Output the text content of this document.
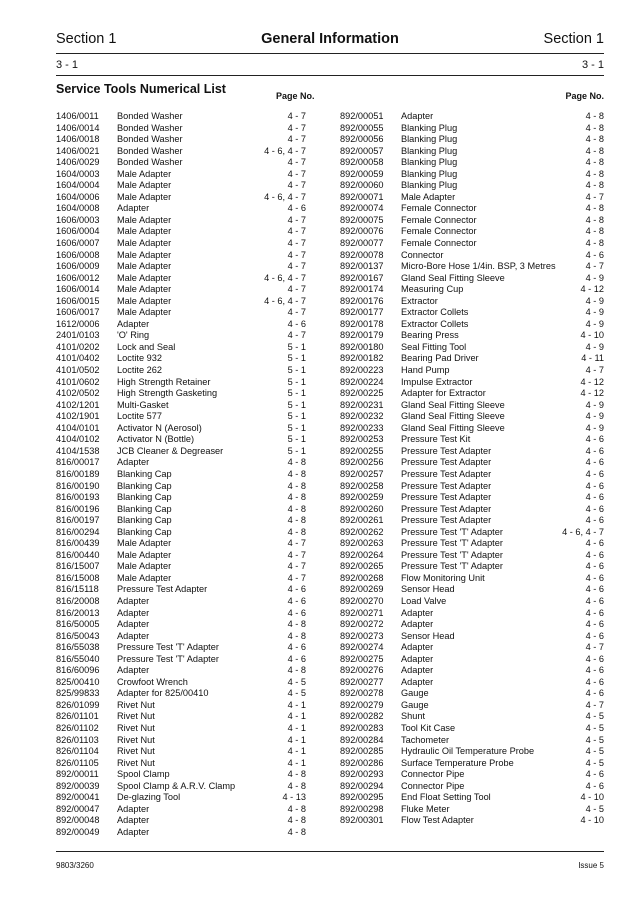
Section 1	General Information	Section 1
3 - 1	3 - 1
Service Tools Numerical List	Page No.	Page No.
1406/0011 Bonded Washer	4 - 7
1406/0014 Bonded Washer	4 - 7
1406/0018 Bonded Washer	4 - 7
1406/0021 Bonded Washer	4 - 6, 4 - 7
1406/0029 Bonded Washer	4 - 7
1604/0003 Male Adapter	4 - 7
1604/0004 Male Adapter	4 - 7
1604/0006 Male Adapter	4 - 6, 4 - 7
1604/0008 Adapter	4 - 6
1606/0003 Male Adapter	4 - 7
1606/0004 Male Adapter	4 - 7
1606/0007 Male Adapter	4 - 7
1606/0008 Male Adapter	4 - 7
1606/0009 Male Adapter	4 - 7
1606/0012 Male Adapter	4 - 6, 4 - 7
1606/0014 Male Adapter	4 - 7
1606/0015 Male Adapter	4 - 6, 4 - 7
1606/0017 Male Adapter	4 - 7
1612/0006 Adapter	4 - 6
2401/0103 'O' Ring	4 - 7
4101/0202 Lock and Seal	5 - 1
4101/0402 Loctite 932	5 - 1
4101/0502 Loctite 262	5 - 1
4101/0602 High Strength Retainer	5 - 1
4102/0502 High Strength Gasketing	5 - 1
4102/1201 Multi-Gasket	5 - 1
4102/1901 Loctite 577	5 - 1
4104/0101 Activator N (Aerosol)	5 - 1
4104/0102 Activator N (Bottle)	5 - 1
4104/1538 JCB Cleaner & Degreaser	5 - 1
816/00017 Adapter	4 - 8
816/00189 Blanking Cap	4 - 8
816/00190 Blanking Cap	4 - 8
816/00193 Blanking Cap	4 - 8
816/00196 Blanking Cap	4 - 8
816/00197 Blanking Cap	4 - 8
816/00294 Blanking Cap	4 - 8
816/00439 Male Adapter	4 - 7
816/00440 Male Adapter	4 - 7
816/15007 Male Adapter	4 - 7
816/15008 Male Adapter	4 - 7
816/15118 Pressure Test Adapter	4 - 6
816/20008 Adapter	4 - 6
816/20013 Adapter	4 - 6
816/50005 Adapter	4 - 8
816/50043 Adapter	4 - 8
816/55038 Pressure Test 'T' Adapter	4 - 6
816/55040 Pressure Test 'T' Adapter	4 - 6
816/60096 Adapter	4 - 8
825/00410 Crowfoot Wrench	4 - 5
825/99833 Adapter for 825/00410	4 - 5
826/01099 Rivet Nut	4 - 1
826/01101 Rivet Nut	4 - 1
826/01102 Rivet Nut	4 - 1
826/01103 Rivet Nut	4 - 1
826/01104 Rivet Nut	4 - 1
826/01105 Rivet Nut	4 - 1
892/00011 Spool Clamp	4 - 8
892/00039 Spool Clamp & A.R.V. Clamp	4 - 8
892/00041 De-glazing Tool	4 - 13
892/00047 Adapter	4 - 8
892/00048 Adapter	4 - 8
892/00049 Adapter	4 - 8
892/00051 Adapter	4 - 8
892/00055 Blanking Plug	4 - 8
892/00056 Blanking Plug	4 - 8
892/00057 Blanking Plug	4 - 8
892/00058 Blanking Plug	4 - 8
892/00059 Blanking Plug	4 - 8
892/00060 Blanking Plug	4 - 8
892/00071 Male Adapter	4 - 7
892/00074 Female Connector	4 - 8
892/00075 Female Connector	4 - 8
892/00076 Female Connector	4 - 8
892/00077 Female Connector	4 - 8
892/00078 Connector	4 - 6
892/00137 Micro-Bore Hose 1/4in. BSP, 3 Metres	4 - 7
892/00167 Gland Seal Fitting Sleeve	4 - 9
892/00174 Measuring Cup	4 - 12
892/00176 Extractor	4 - 9
892/00177 Extractor Collets	4 - 9
892/00178 Extractor Collets	4 - 9
892/00179 Bearing Press	4 - 10
892/00180 Seal Fitting Tool	4 - 9
892/00182 Bearing Pad Driver	4 - 11
892/00223 Hand Pump	4 - 7
892/00224 Impulse Extractor	4 - 12
892/00225 Adapter for Extractor	4 - 12
892/00231 Gland Seal Fitting Sleeve	4 - 9
892/00232 Gland Seal Fitting Sleeve	4 - 9
892/00233 Gland Seal Fitting Sleeve	4 - 9
892/00253 Pressure Test Kit	4 - 6
892/00255 Pressure Test Adapter	4 - 6
892/00256 Pressure Test Adapter	4 - 6
892/00257 Pressure Test Adapter	4 - 6
892/00258 Pressure Test Adapter	4 - 6
892/00259 Pressure Test Adapter	4 - 6
892/00260 Pressure Test Adapter	4 - 6
892/00261 Pressure Test Adapter	4 - 6
892/00262 Pressure Test 'T' Adapter	4 - 6, 4 - 7
892/00263 Pressure Test 'T' Adapter	4 - 6
892/00264 Pressure Test 'T' Adapter	4 - 6
892/00265 Pressure Test 'T' Adapter	4 - 6
892/00268 Flow Monitoring Unit	4 - 6
892/00269 Sensor Head	4 - 6
892/00270 Load Valve	4 - 6
892/00271 Adapter	4 - 6
892/00272 Adapter	4 - 6
892/00273 Sensor Head	4 - 6
892/00274 Adapter	4 - 7
892/00275 Adapter	4 - 6
892/00276 Adapter	4 - 6
892/00277 Adapter	4 - 6
892/00278 Gauge	4 - 6
892/00279 Gauge	4 - 7
892/00282 Shunt	4 - 5
892/00283 Tool Kit Case	4 - 5
892/00284 Tachometer	4 - 5
892/00285 Hydraulic Oil Temperature Probe	4 - 5
892/00286 Surface Temperature Probe	4 - 5
892/00293 Connector Pipe	4 - 6
892/00294 Connector Pipe	4 - 6
892/00295 End Float Setting Tool	4 - 10
892/00298 Fluke Meter	4 - 5
892/00301 Flow Test Adapter	4 - 10
9803/3260	Issue 5
